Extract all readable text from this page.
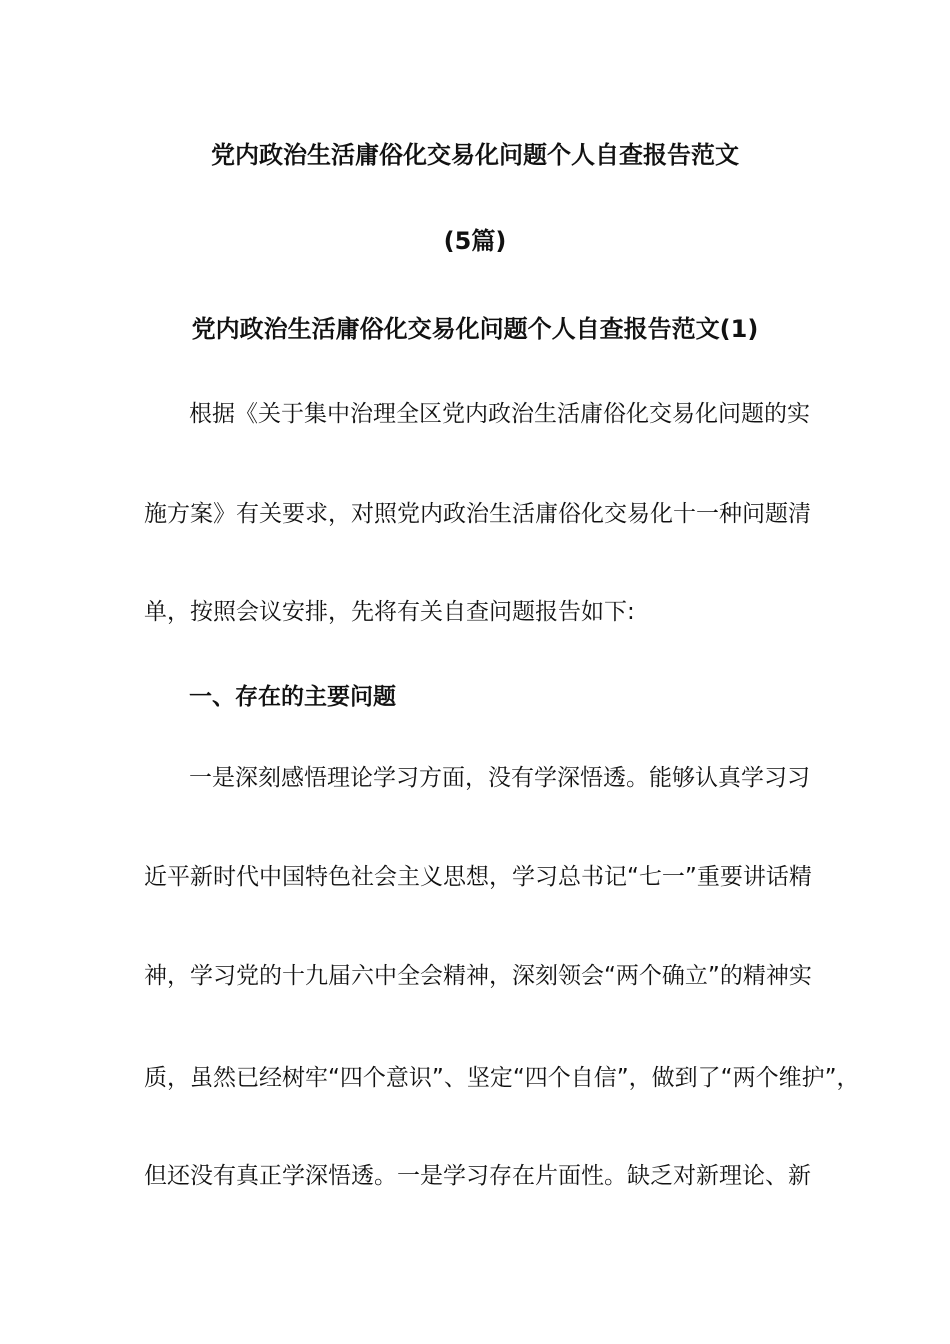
党内政治生活庸俗化交易化问题个人自查报告范文
(5篇)
党内政治生活庸俗化交易化问题个人自查报告范文(1)
根据《关于集中治理全区党内政治生活庸俗化交易化问题的实
施方案》有关要求，对照党内政治生活庸俗化交易化十一种问题清
单，按照会议安排，先将有关自查问题报告如下:
一、存在的主要问题
一是深刻感悟理论学习方面，没有学深悟透。能够认真学习习
近平新时代中国特色社会主义思想，学习总书记“七一”重要讲话精
神，学习党的十九届六中全会精神，深刻领会“两个确立”的精神实
质，虽然已经树牢“四个意识”、坚定“四个自信”，做到了“两个维护”，
但还没有真正学深悟透。一是学习存在片面性。缺乏对新理论、新
